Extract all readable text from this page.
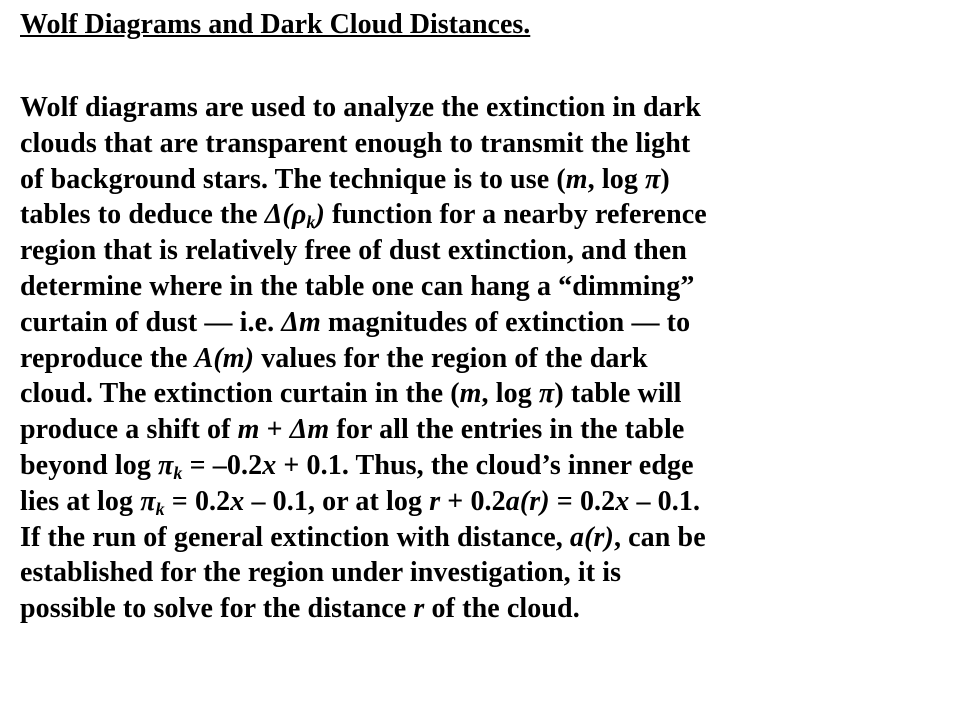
Wolf Diagrams and Dark Cloud Distances.
Wolf diagrams are used to analyze the extinction in dark
clouds that are transparent enough to transmit the light
of background stars. The technique is to use (m, log π)
tables to deduce the $\Delta(\rho_k)$ function for a nearby reference
region that is relatively free of dust extinction, and then
determine where in the table one can hang a “dimming”
curtain of dust — i.e. Δm magnitudes of extinction — to
reproduce the A(m) values for the region of the dark
cloud. The extinction curtain in the (m, log π) table will
produce a shift of m + Δm for all the entries in the table
beyond $\log \pi_k = -0.2x + 0.1$. Thus, the cloud’s inner edge
lies at $\log \pi_k = 0.2x - 0.1$, or at log r + 0.2a(r) = 0.2x – 0.1.
If the run of general extinction with distance, a(r), can be
established for the region under investigation, it is
possible to solve for the distance r of the cloud.
